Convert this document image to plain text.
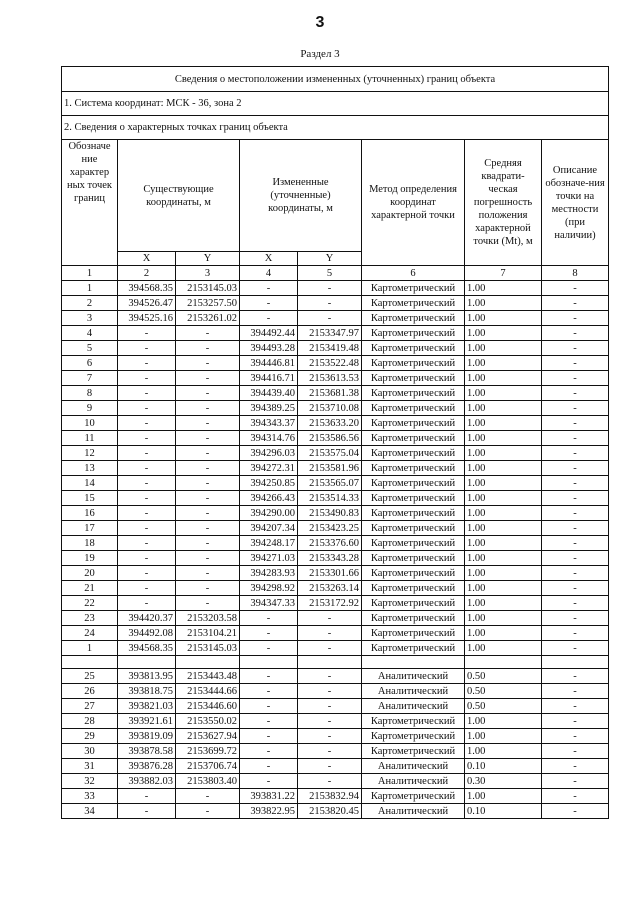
3
Раздел 3
Сведения о местоположении измененных (уточненных) границ объекта							
1. Система координат: МСК - 36, зона 2							
2. Сведения о характерных точках границ объекта							
Обозначе ние характер ных точек границ	Существующие координаты, м		Измененные (уточненные) координаты, м		Метод определения координат характерной точки	Средняя квадрати-ческая погрешность положения характерной точки (Mt), м	Описание обозначе-ния точки на местности (при наличии)
	X	Y	X	Y			
1	2	3	4	5	6	7	8
1	394568.35	2153145.03	-	-	Картометрический	1.00	-
2	394526.47	2153257.50	-	-	Картометрический	1.00	-
3	394525.16	2153261.02	-	-	Картометрический	1.00	-
4	-	-	394492.44	2153347.97	Картометрический	1.00	-
5	-	-	394493.28	2153419.48	Картометрический	1.00	-
6	-	-	394446.81	2153522.48	Картометрический	1.00	-
7	-	-	394416.71	2153613.53	Картометрический	1.00	-
8	-	-	394439.40	2153681.38	Картометрический	1.00	-
9	-	-	394389.25	2153710.08	Картометрический	1.00	-
10	-	-	394343.37	2153633.20	Картометрический	1.00	-
11	-	-	394314.76	2153586.56	Картометрический	1.00	-
12	-	-	394296.03	2153575.04	Картометрический	1.00	-
13	-	-	394272.31	2153581.96	Картометрический	1.00	-
14	-	-	394250.85	2153565.07	Картометрический	1.00	-
15	-	-	394266.43	2153514.33	Картометрический	1.00	-
16	-	-	394290.00	2153490.83	Картометрический	1.00	-
17	-	-	394207.34	2153423.25	Картометрический	1.00	-
18	-	-	394248.17	2153376.60	Картометрический	1.00	-
19	-	-	394271.03	2153343.28	Картометрический	1.00	-
20	-	-	394283.93	2153301.66	Картометрический	1.00	-
21	-	-	394298.92	2153263.14	Картометрический	1.00	-
22	-	-	394347.33	2153172.92	Картометрический	1.00	-
23	394420.37	2153203.58	-	-	Картометрический	1.00	-
24	394492.08	2153104.21	-	-	Картометрический	1.00	-
1	394568.35	2153145.03	-	-	Картометрический	1.00	-

25	393813.95	2153443.48	-	-	Аналитический	0.50	-
26	393818.75	2153444.66	-	-	Аналитический	0.50	-
27	393821.03	2153446.60	-	-	Аналитический	0.50	-
28	393921.61	2153550.02	-	-	Картометрический	1.00	-
29	393819.09	2153627.94	-	-	Картометрический	1.00	-
30	393878.58	2153699.72	-	-	Картометрический	1.00	-
31	393876.28	2153706.74	-	-	Аналитический	0.10	-
32	393882.03	2153803.40	-	-	Аналитический	0.30	-
33	-	-	393831.22	2153832.94	Картометрический	1.00	-
34	-	-	393822.95	2153820.45	Аналитический	0.10	-
